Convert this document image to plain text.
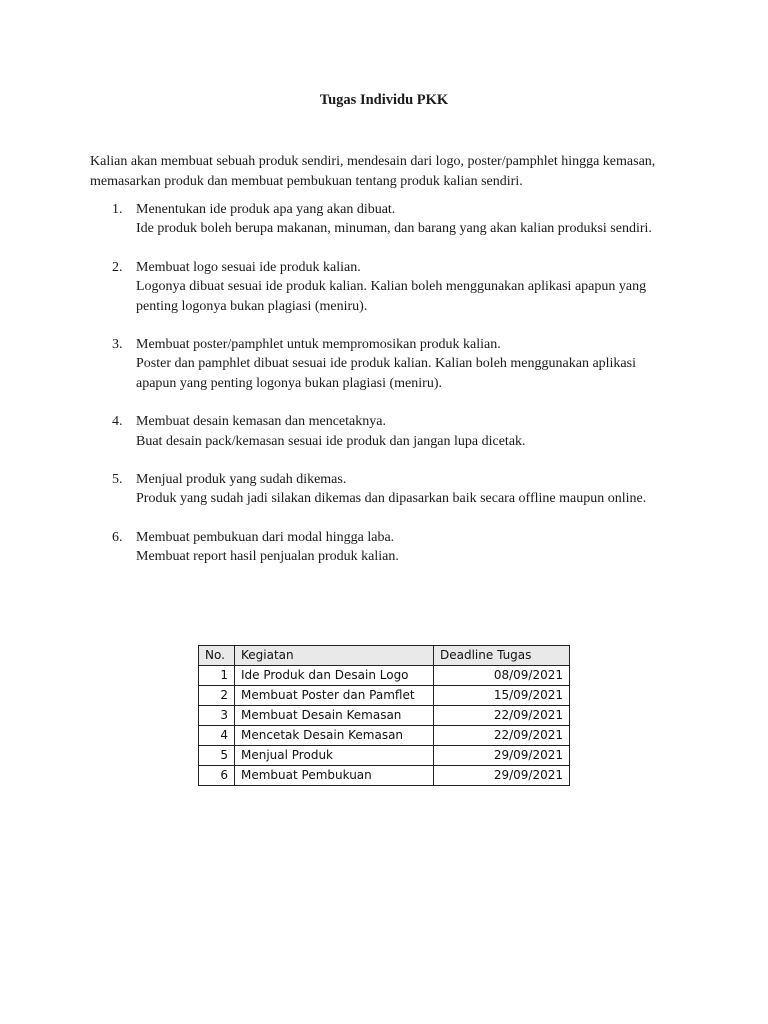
Tugas Individu PKK
Kalian akan membuat sebuah produk sendiri, mendesain dari logo, poster/pamphlet hingga kemasan, memasarkan produk dan membuat pembukuan tentang produk kalian sendiri.
1. Menentukan ide produk apa yang akan dibuat.

Ide produk boleh berupa makanan, minuman, dan barang yang akan kalian produksi sendiri.

2. Membuat logo sesuai ide produk kalian.

Logonya dibuat sesuai ide produk kalian. Kalian boleh menggunakan aplikasi apapun yang penting logonya bukan plagiasi (meniru).

3. Membuat poster/pamphlet untuk mempromosikan produk kalian.

Poster dan pamphlet dibuat sesuai ide produk kalian. Kalian boleh menggunakan aplikasi apapun yang penting logonya bukan plagiasi (meniru).

4. Membuat desain kemasan dan mencetaknya.

Buat desain pack/kemasan sesuai ide produk dan jangan lupa dicetak.

5. Menjual produk yang sudah dikemas.

Produk yang sudah jadi silakan dikemas dan dipasarkan baik secara offline maupun online.

6. Membuat pembukuan dari modal hingga laba.

Membuat report hasil penjualan produk kalian.

No.	Kegiatan	Deadline Tugas
1	Ide Produk dan Desain Logo	08/09/2021
2	Membuat Poster dan Pamflet	15/09/2021
3	Membuat Desain Kemasan	22/09/2021
4	Mencetak Desain Kemasan	22/09/2021
5	Menjual Produk	29/09/2021
6	Membuat Pembukuan	29/09/2021
